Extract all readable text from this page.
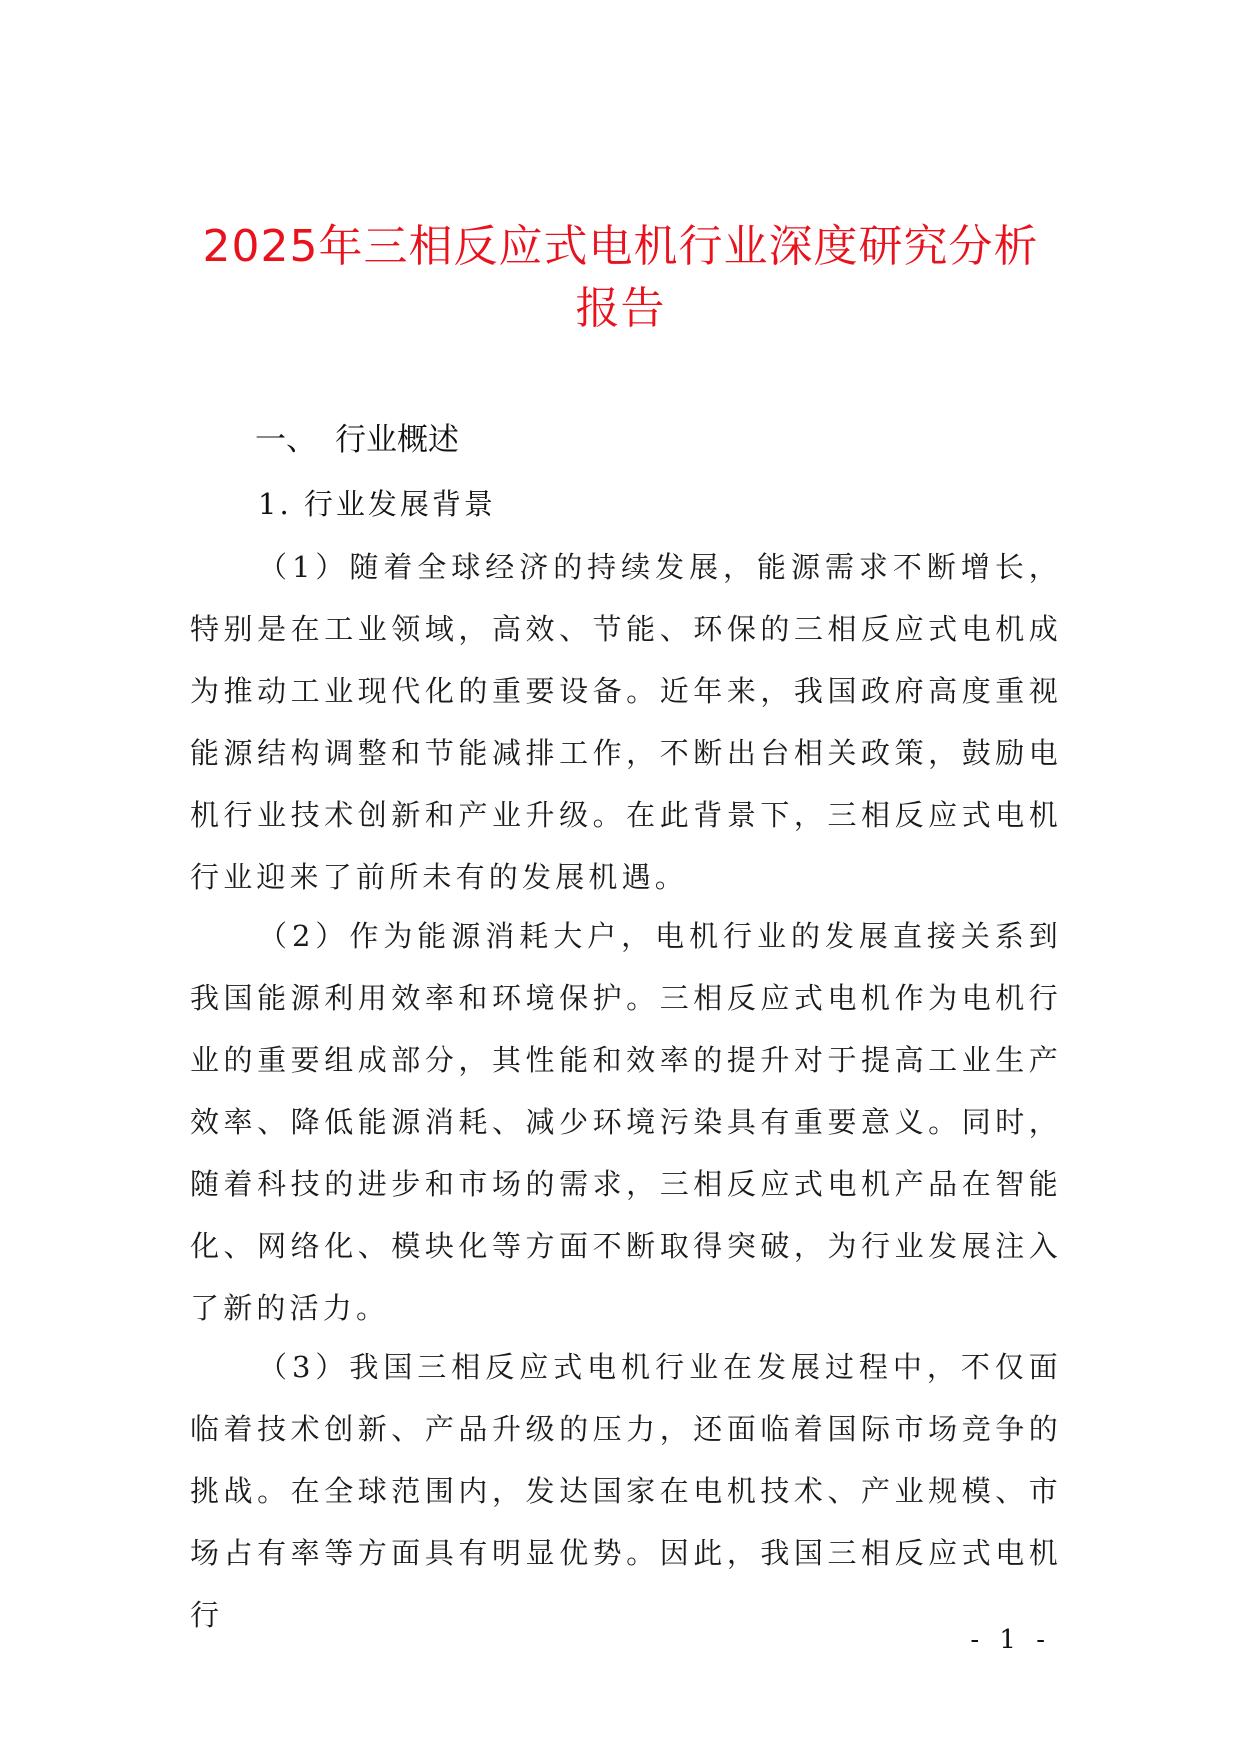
2025年三相反应式电机行业深度研究分析
报告
一、 行业概述
1. 行业发展背景

（1）随着全球经济的持续发展，能源需求不断增长，特别是在工业领域，高效、节能、环保的三相反应式电机成为推动工业现代化的重要设备。近年来，我国政府高度重视能源结构调整和节能减排工作，不断出台相关政策，鼓励电机行业技术创新和产业升级。在此背景下，三相反应式电机行业迎来了前所未有的发展机遇。

（2）作为能源消耗大户，电机行业的发展直接关系到我国能源利用效率和环境保护。三相反应式电机作为电机行业的重要组成部分，其性能和效率的提升对于提高工业生产效率、降低能源消耗、减少环境污染具有重要意义。同时，随着科技的进步和市场的需求，三相反应式电机产品在智能化、网络化、模块化等方面不断取得突破，为行业发展注入了新的活力。

（3）我国三相反应式电机行业在发展过程中，不仅面临着技术创新、产品升级的压力，还面临着国际市场竞争的挑战。在全球范围内，发达国家在电机技术、产业规模、市场占有率等方面具有明显优势。因此，我国三相反应式电机行

- 1 -
